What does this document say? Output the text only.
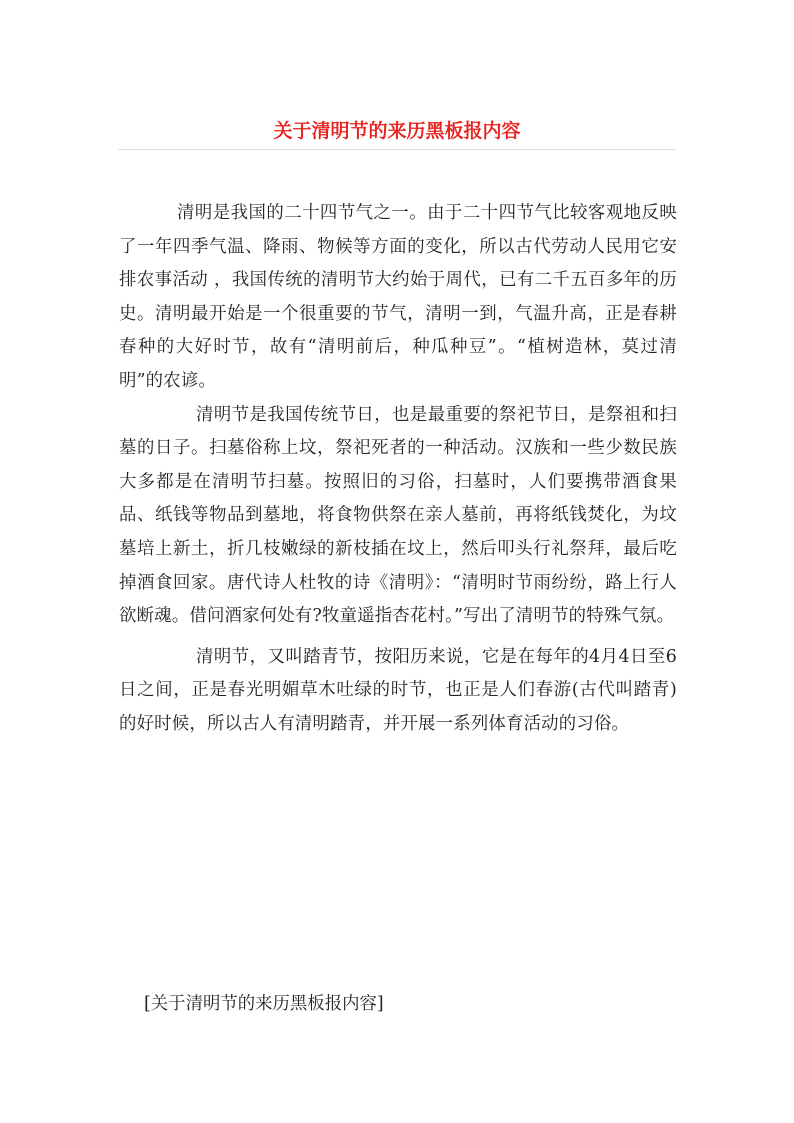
关于清明节的来历黑板报内容

清明是我国的二十四节气之一。由于二十四节气比较客观地反映了一年四季气温、降雨、物候等方面的变化，所以古代劳动人民用它安排农事活动 ，我国传统的清明节大约始于周代，已有二千五百多年的历史。清明最开始是一个很重要的节气，清明一到，气温升高，正是春耕春种的大好时节，故有“清明前后，种瓜种豆”。“植树造林，莫过清明”的农谚。

清明节是我国传统节日，也是最重要的祭祀节日，是祭祖和扫墓的日子。扫墓俗称上坟，祭祀死者的一种活动。汉族和一些少数民族大多都是在清明节扫墓。按照旧的习俗，扫墓时，人们要携带酒食果品、纸钱等物品到墓地，将食物供祭在亲人墓前，再将纸钱焚化，为坟墓培上新土，折几枝嫩绿的新枝插在坟上，然后叩头行礼祭拜，最后吃掉酒食回家。唐代诗人杜牧的诗《清明》：“清明时节雨纷纷，路上行人欲断魂。借问酒家何处有?牧童遥指杏花村。”写出了清明节的特殊气氛。

清明节，又叫踏青节，按阳历来说，它是在每年的4月4日至6日之间，正是春光明媚草木吐绿的时节，也正是人们春游(古代叫踏青)的好时候，所以古人有清明踏青，并开展一系列体育活动的习俗。

[关于清明节的来历黑板报内容]
